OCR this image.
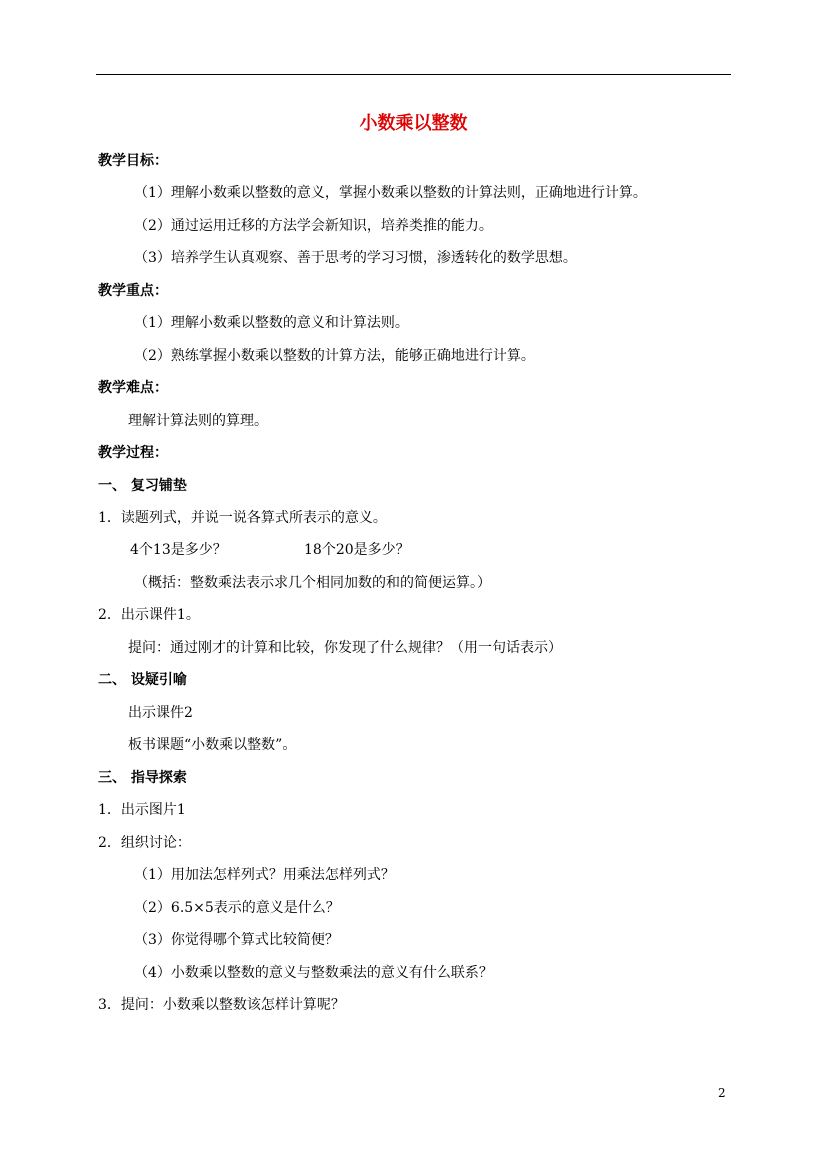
小数乘以整数
教学目标：
（1）理解小数乘以整数的意义，掌握小数乘以整数的计算法则，正确地进行计算。
（2）通过运用迁移的方法学会新知识，培养类推的能力。
（3）培养学生认真观察、善于思考的学习习惯，渗透转化的数学思想。
教学重点：
（1）理解小数乘以整数的意义和计算法则。
（2）熟练掌握小数乘以整数的计算方法，能够正确地进行计算。
教学难点：
理解计算法则的算理。
教学过程：
一、 复习铺垫
1．读题列式，并说一说各算式所表示的意义。
4个13是多少？	18个20是多少？
（概括：整数乘法表示求几个相同加数的和的简便运算。）
2．出示课件1。
提问：通过刚才的计算和比较，你发现了什么规律？（用一句话表示）
二、 设疑引喻
出示课件2
板书课题“小数乘以整数”。
三、 指导探索
1．出示图片1
2．组织讨论：
（1）用加法怎样列式？用乘法怎样列式？
（2）6.5×5表示的意义是什么？
（3）你觉得哪个算式比较简便？
（4）小数乘以整数的意义与整数乘法的意义有什么联系？
3．提问：小数乘以整数该怎样计算呢？
2
